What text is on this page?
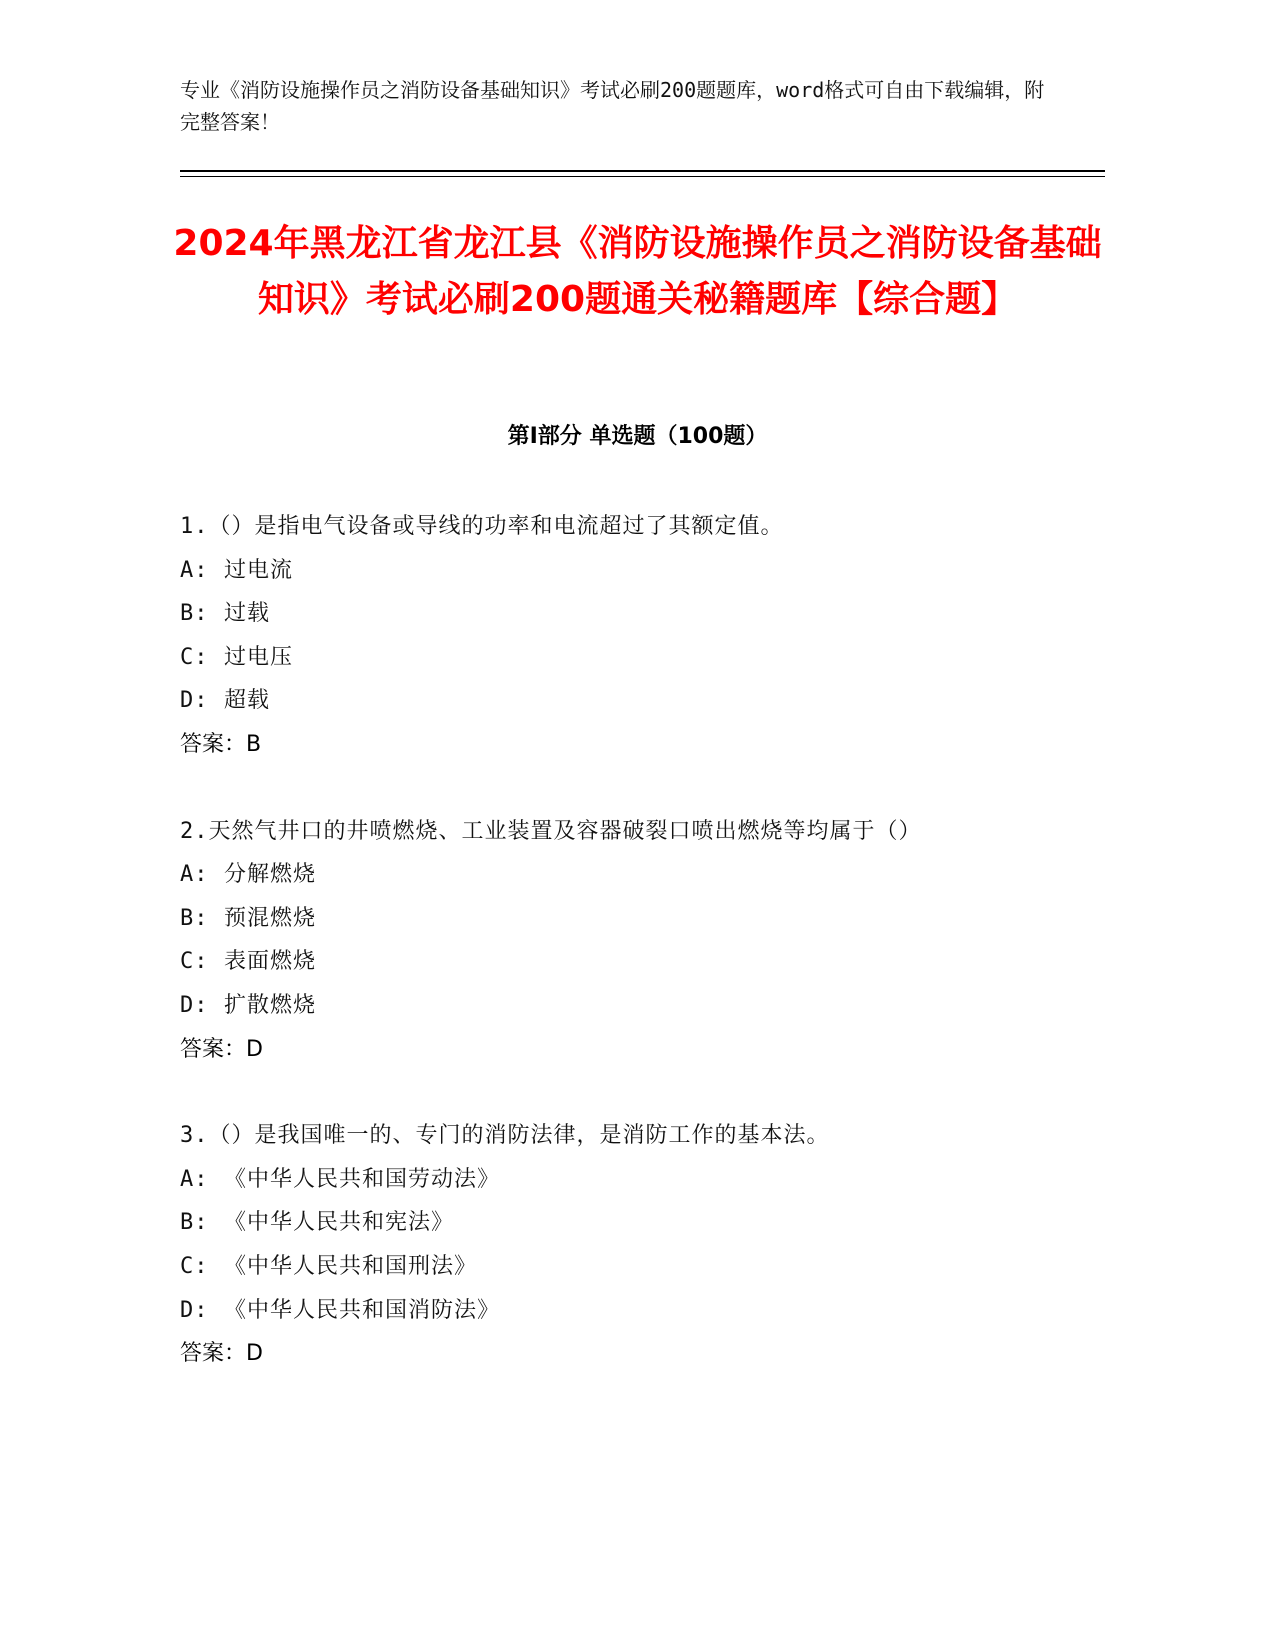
专业《消防设施操作员之消防设备基础知识》考试必刷200题题库，word格式可自由下载编辑，附完整答案！
2024年黑龙江省龙江县《消防设施操作员之消防设备基础知识》考试必刷200题通关秘籍题库【综合题】
第I部分 单选题（100题）
1.（）是指电气设备或导线的功率和电流超过了其额定值。
A: 过电流
B: 过载
C: 过电压
D: 超载
答案：B
2.天然气井口的井喷燃烧、工业装置及容器破裂口喷出燃烧等均属于（）
A: 分解燃烧
B: 预混燃烧
C: 表面燃烧
D: 扩散燃烧
答案：D
3.（）是我国唯一的、专门的消防法律，是消防工作的基本法。
A: 《中华人民共和国劳动法》
B: 《中华人民共和宪法》
C: 《中华人民共和国刑法》
D: 《中华人民共和国消防法》
答案：D
